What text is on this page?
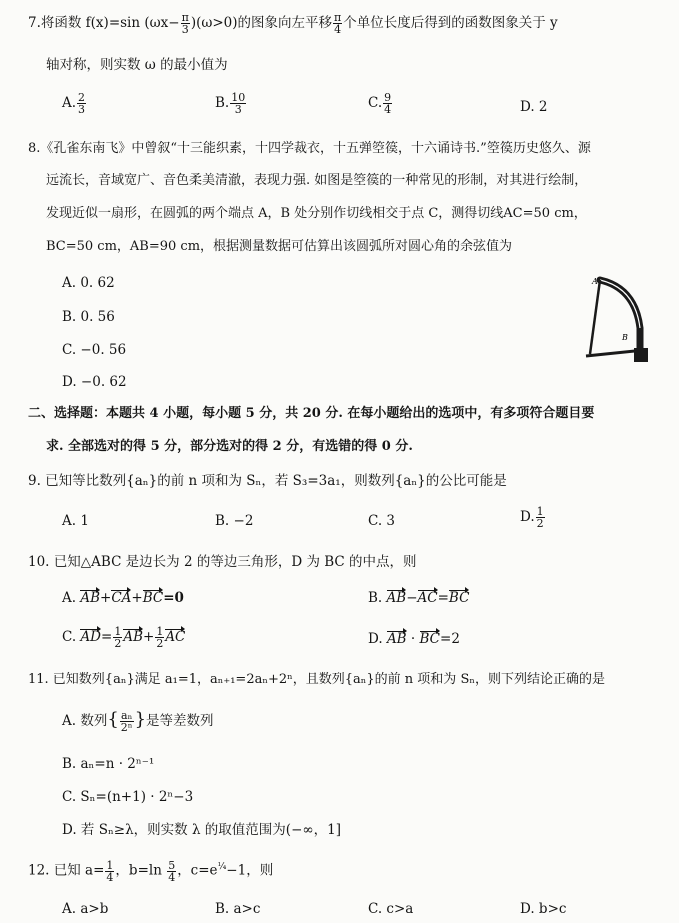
7.将函数 f(x)=sin $(\omega x- \frac{\pi}{3} )(\omega>0)$的图象向左平移 $\frac{\pi}{4}$ 个单位长度后得到的函数图象关于 y
轴对称，则实数 ω 的最小值为
A. $\frac{2}{3}$	B. $\frac{10}{3}$	C. $\frac{9}{4}$	D. 2
8.《孔雀东南飞》中曾叙“十三能织素，十四学裁衣，十五弹箜篌，十六诵诗书.”箜篌历史悠久、源
远流长，音域宽广、音色柔美清澈，表现力强. 如图是箜篌的一种常见的形制，对其进行绘制，
发现近似一扇形，在圆弧的两个端点 A，B 处分别作切线相交于点 C，测得切线AC=50 cm，
BC=50 cm，AB=90 cm，根据测量数据可估算出该圆弧所对圆心角的余弦值为
A. 0. 62
B. 0. 56
C. −0. 56
D. −0. 62
A
B
二、选择题：本题共 4 小题，每小题 5 分，共 20 分. 在每小题给出的选项中，有多项符合题目要
求. 全部选对的得 5 分，部分选对的得 2 分，有选错的得 0 分.
9. 已知等比数列{aₙ}的前 n 项和为 Sₙ，若 S₃=3a₁，则数列{aₙ}的公比可能是
A. 1	B. −2	C. 3	D. $\frac{1}{2}$
10. 已知△ABC 是边长为 2 的等边三角形，D 为 BC 的中点，则
A. AB+CA+BC=0	B. AB−AC=BC
C. $AD= \frac{1}{2} AB+ \frac{1}{2}$ AC	D. AB · BC=2
11. 已知数列{aₙ}满足 a₁=1，aₙ₊₁=2aₙ+2ⁿ，且数列{aₙ}的前 n 项和为 Sₙ，则下列结论正确的是
A. 数列{ $\frac{\text{aₙ}}{\text{2ⁿ}}$ }是等差数列
B. aₙ=n · 2ⁿ⁻¹
C. Sₙ=(n+1) · 2ⁿ−3
D. 若 Sₙ≥λ，则实数 λ 的取值范围为(−∞，1]
12. 已知 $a= \frac{1}{4}$ ，$b=\ln \frac{5}{4}$ ，$c=e^{\frac{1}{4}}-1$，则
A. a>b	B. a>c	C. c>a	D. b>c
